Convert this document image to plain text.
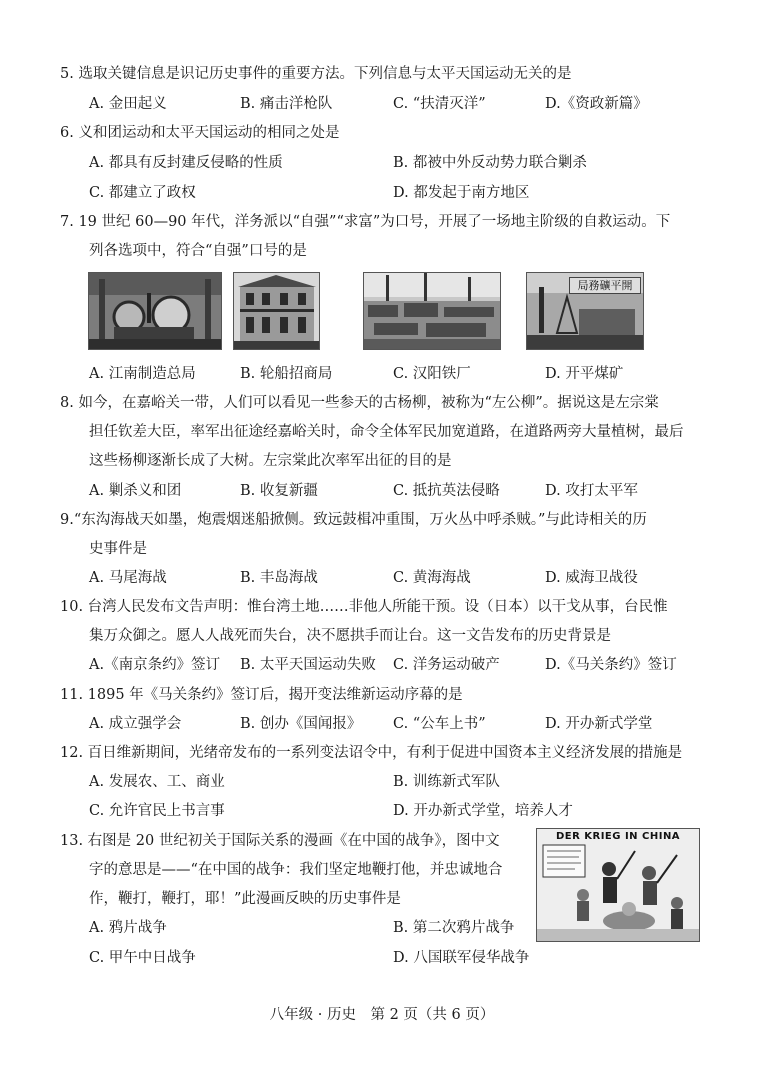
5. 选取关键信息是识记历史事件的重要方法。下列信息与太平天国运动无关的是
A. 金田起义	B. 痛击洋枪队	C. “扶清灭洋”	D.《资政新篇》
6. 义和团运动和太平天国运动的相同之处是
A. 都具有反封建反侵略的性质	B. 都被中外反动势力联合剿杀
C. 都建立了政权	D. 都发起于南方地区
7. 19 世纪 60—90 年代，洋务派以“自强”“求富”为口号，开展了一场地主阶级的自救运动。下
列各选项中，符合“自强”口号的是
局務礦平開
A. 江南制造总局	B. 轮船招商局	C. 汉阳铁厂	D. 开平煤矿
8. 如今，在嘉峪关一带，人们可以看见一些参天的古杨柳，被称为“左公柳”。据说这是左宗棠
担任钦差大臣，率军出征途经嘉峪关时，命令全体军民加宽道路，在道路两旁大量植树，最后
这些杨柳逐渐长成了大树。左宗棠此次率军出征的目的是
A. 剿杀义和团	B. 收复新疆	C. 抵抗英法侵略	D. 攻打太平军
9.“东沟海战天如墨，炮震烟迷船掀侧。致远鼓楫冲重围，万火丛中呼杀贼。”与此诗相关的历
史事件是
A. 马尾海战	B. 丰岛海战	C. 黄海海战	D. 威海卫战役
10. 台湾人民发布文告声明：惟台湾土地……非他人所能干预。设（日本）以干戈从事，台民惟
集万众御之。愿人人战死而失台，决不愿拱手而让台。这一文告发布的历史背景是
A.《南京条约》签订 B. 太平天国运动失败 C. 洋务运动破产	D.《马关条约》签订
11. 1895 年《马关条约》签订后，揭开变法维新运动序幕的是
A. 成立强学会	B. 创办《国闻报》 C. “公车上书”	D. 开办新式学堂
12. 百日维新期间，光绪帝发布的一系列变法诏令中，有利于促进中国资本主义经济发展的措施是
A. 发展农、工、商业	B. 训练新式军队
C. 允许官民上书言事	D. 开办新式学堂，培养人才
13. 右图是 20 世纪初关于国际关系的漫画《在中国的战争》，图中文
字的意思是——“在中国的战争：我们坚定地鞭打他，并忠诚地合
作，鞭打，鞭打，耶！”此漫画反映的历史事件是
A. 鸦片战争	B. 第二次鸦片战争
C. 甲午中日战争	D. 八国联军侵华战争
DER KRIEG IN CHINA
八年级 · 历史　第 2 页（共 6 页）
